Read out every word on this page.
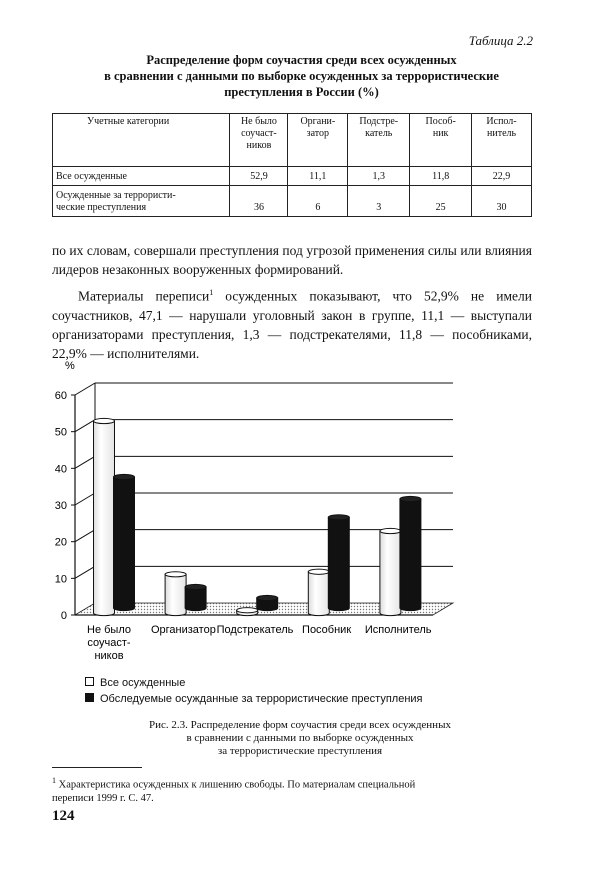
Таблица 2.2
Распределение форм соучастия среди всех осужденных
в сравнении с данными по выборке осужденных за террористические
преступления в России (%)
Учетные категории	Не было
соучаст-
ников	Органи-
затор	Подстре-
катель	Пособ-
ник	Испол-
нитель
Все осужденные	52,9	11,1	1,3	11,8	22,9
Осужденные за террористи-
ческие преступления	36	6	3	25	30
по их словам, совершали преступления под угрозой применения силы или влияния лидеров незаконных вооруженных формирований.
Материалы переписи$^1$ осужденных показывают, что 52,9% не имели соучастников, 47,1 — нарушали уголовный закон в группе, 11,1 — выступали организаторами преступления, 1,3 — подстрекателями, 11,8 — пособниками, 22,9% — исполнителями.
0
10
20
30
40
50
60
%
Не было
соучаст-
ников
Организатор Подстрекатель Пособник Исполнитель
Все осужденные
Обследуемые осужданные за террористические преступления
Рис. 2.3. Распределение форм соучастия среди всех осужденных
в сравнении с данными по выборке осужденных
за террористические преступления
$^1$ Характеристика осужденных к лишению свободы. По материалам специальной
переписи 1999 г. С. 47.
124
